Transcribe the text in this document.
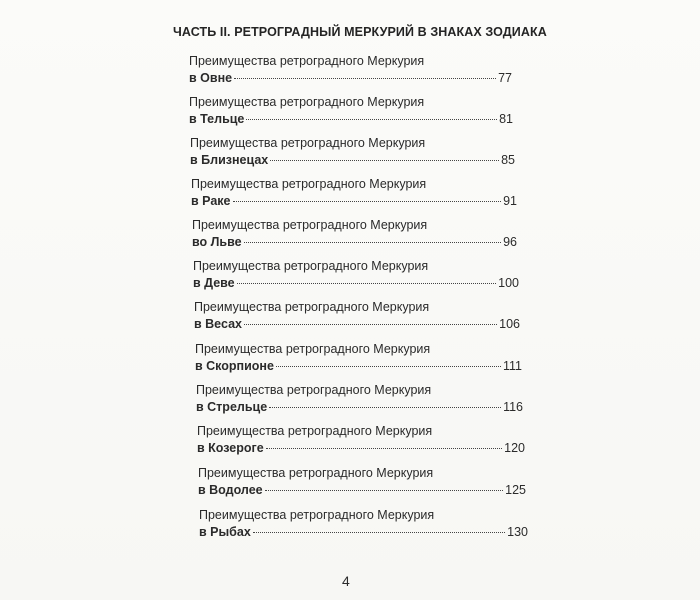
ЧАСТЬ II. РЕТРОГРАДНЫЙ МЕРКУРИЙ В ЗНАКАХ ЗОДИАКА
Преимущества ретроградного Меркурия
в Овне	77
Преимущества ретроградного Меркурия
в Тельце	81
Преимущества ретроградного Меркурия
в Близнецах	85
Преимущества ретроградного Меркурия
в Раке	91
Преимущества ретроградного Меркурия
во Льве	96
Преимущества ретроградного Меркурия
в Деве	100
Преимущества ретроградного Меркурия
в Весах	106
Преимущества ретроградного Меркурия
в Скорпионе	111
Преимущества ретроградного Меркурия
в Стрельце	116
Преимущества ретроградного Меркурия
в Козероге	120
Преимущества ретроградного Меркурия
в Водолее	125
Преимущества ретроградного Меркурия
в Рыбах	130
4
